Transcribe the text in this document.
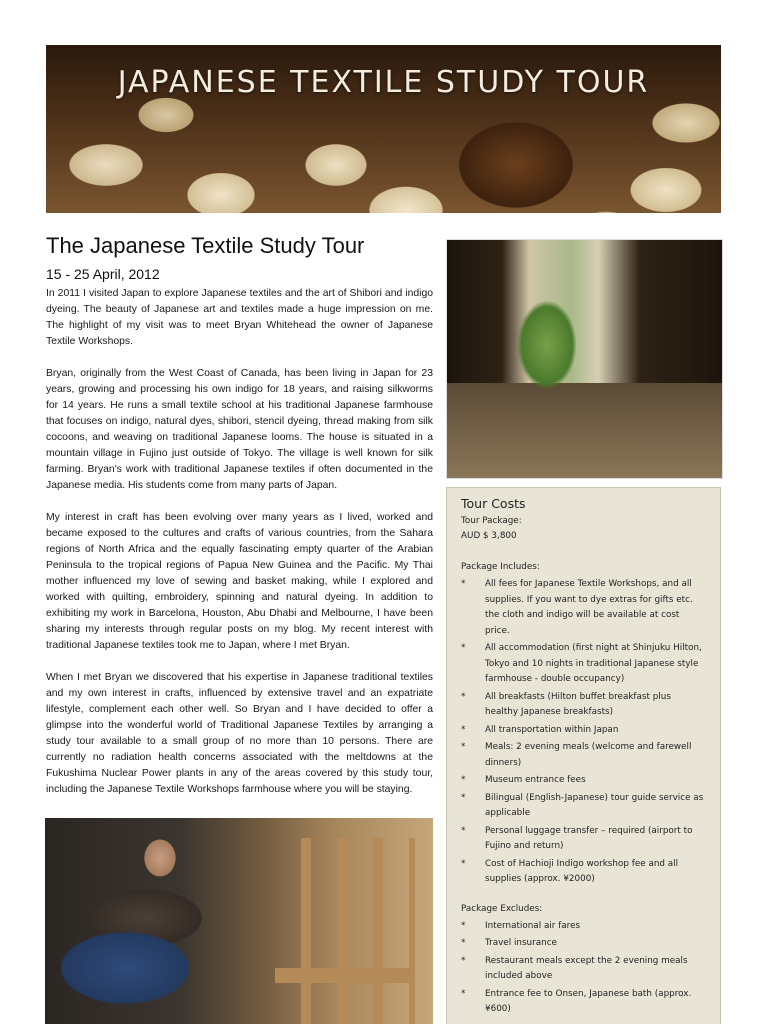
JAPANESE TEXTILE STUDY TOUR
The Japanese Textile Study Tour
15 - 25 April, 2012

In 2011 I visited Japan to explore Japanese textiles and the art of Shibori and indigo dyeing. The beauty of Japanese art and textiles made a huge impression on me. The highlight of my visit was to meet Bryan Whitehead the owner of Japanese Textile Workshops.

Bryan, originally from the West Coast of Canada, has been living in Japan for 23 years, growing and processing his own indigo for 18 years, and raising silkworms for 14 years. He runs a small textile school at his traditional Japanese farmhouse that focuses on indigo, natural dyes, shibori, stencil dyeing, thread making from silk cocoons, and weaving on traditional Japanese looms. The house is situated in a mountain village in Fujino just outside of Tokyo. The village is well known for silk farming. Bryan's work with traditional Japanese textiles if often documented in the Japanese media. His students come from many parts of Japan.

My interest in craft has been evolving over many years as I lived, worked and became exposed to the cultures and crafts of various countries, from the Sahara regions of North Africa and the equally fascinating empty quarter of the Arabian Peninsula to the tropical regions of Papua New Guinea and the Pacific. My Thai mother influenced my love of sewing and basket making, while I explored and worked with quilting, embroidery, spinning and natural dyeing. In addition to exhibiting my work in Barcelona, Houston, Abu Dhabi and Melbourne, I have been sharing my interests through regular posts on my blog. My recent interest with traditional Japanese textiles took me to Japan, where I met Bryan.

When I met Bryan we discovered that his expertise in Japanese traditional textiles and my own interest in crafts, influenced by extensive travel and an expatriate lifestyle, complement each other well. So Bryan and I have decided to offer a glimpse into the wonderful world of Traditional Japanese Textiles by arranging a study tour available to a small group of no more than 10 persons. There are currently no radiation health concerns associated with the meltdowns at the Fukushima Nuclear Power plants in any of the areas covered by this study tour, including the Japanese Textile Workshops farmhouse where you will be staying.

Tour Costs

Tour Package:

AUD $ 3,800

Package Includes:

* All fees for Japanese Textile Workshops, and all supplies. If you want to dye extras for gifts etc. the cloth and indigo will be available at cost price.
* All accommodation (first night at Shinjuku Hilton, Tokyo and 10 nights in traditional Japanese style farmhouse - double occupancy)
* All breakfasts (Hilton buffet breakfast plus healthy Japanese breakfasts)
* All transportation within Japan
* Meals: 2 evening meals (welcome and farewell dinners)
* Museum entrance fees
* Bilingual (English-Japanese) tour guide service as applicable
* Personal luggage transfer – required (airport to Fujino and return)
* Cost of Hachioji Indigo workshop fee and all supplies (approx. ¥2000)

Package Excludes:

* International air fares
* Travel insurance
* Restaurant meals except the 2 evening meals included above
* Entrance fee to Onsen, Japanese bath (approx. ¥600)
